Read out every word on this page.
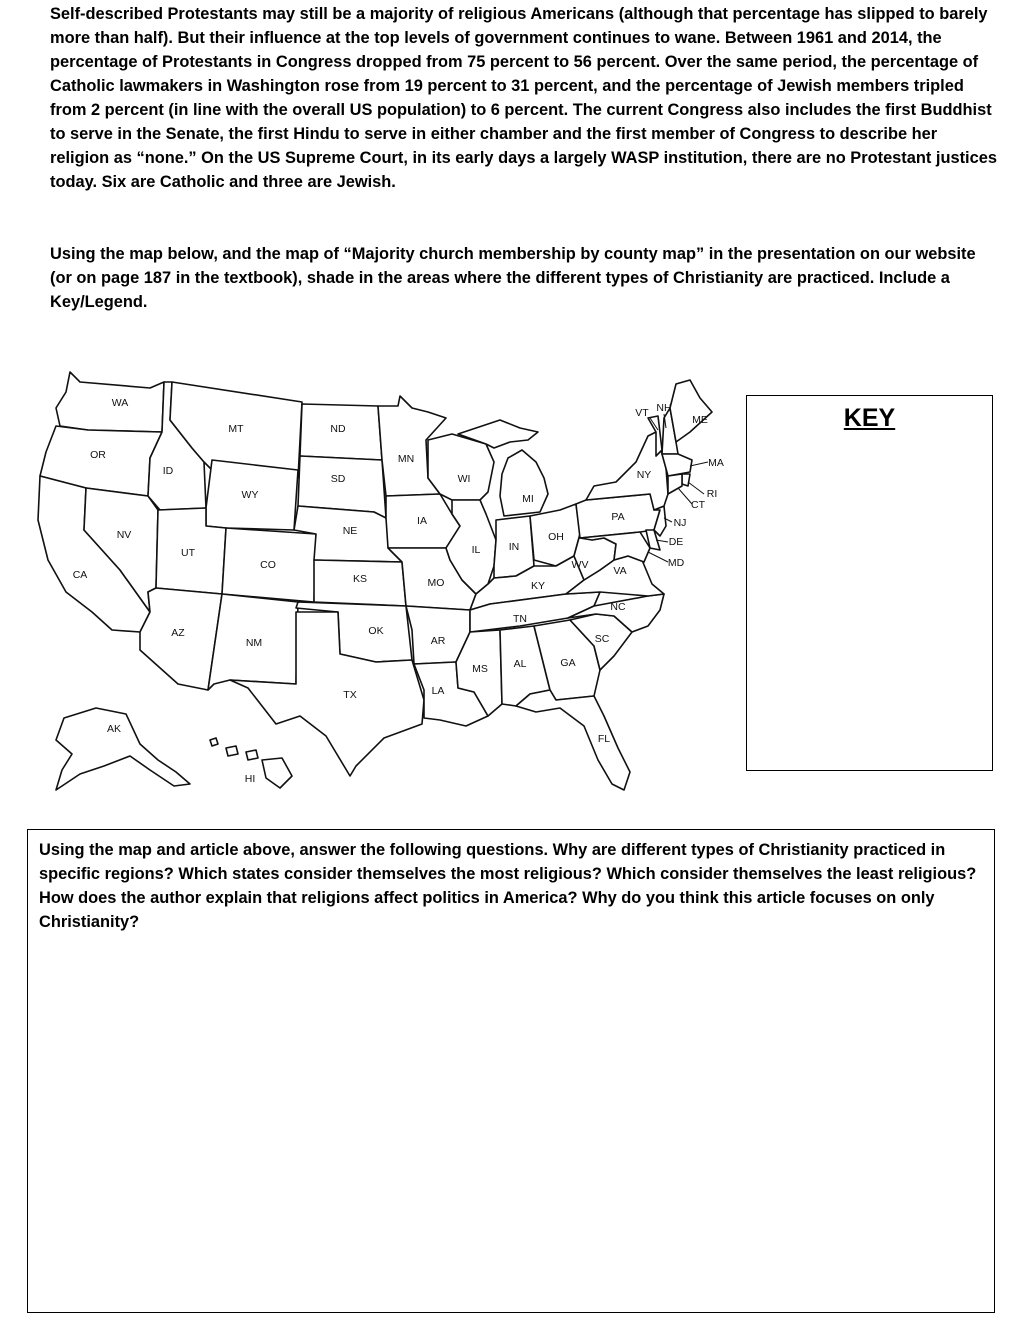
Self-described Protestants may still be a majority of religious Americans (although that percentage has slipped to barely more than half). But their influence at the top levels of government continues to wane. Between 1961 and 2014, the percentage of Protestants in Congress dropped from 75 percent to 56 percent. Over the same period, the percentage of Catholic lawmakers in Washington rose from 19 percent to 31 percent, and the percentage of Jewish members tripled from 2 percent (in line with the overall US population) to 6 percent. The current Congress also includes the first Buddhist to serve in the Senate, the first Hindu to serve in either chamber and the first member of Congress to describe her religion as “none.” On the US Supreme Court, in its early days a largely WASP institution, there are no Protestant justices today. Six are Catholic and three are Jewish.

Using the map below, and the map of “Majority church membership by county map” in the presentation on our website (or on page 187 in the textbook), shade in the areas where the different types of Christianity are practiced. Include a Key/Legend.

WA
OR
CA
NV
ID
MT
WY
UT
AZ
CO
NM
ND
SD
NE
KS
OK
TX
MN
IA
MO
AR
LA
WI
IL
MI
IN
OH
KY
TN
MS AL	GA
FL
SC
NC
VA
WV
PA
NY
VT NH
ME
MA
RI
CT
NJ
DE
MD
AK
HI
KEY

Using the map and article above, answer the following questions. Why are different types of Christianity practiced in specific regions? Which states consider themselves the most religious? Which consider themselves the least religious? How does the author explain that religions affect politics in America? Why do you think this article focuses on only Christianity?
